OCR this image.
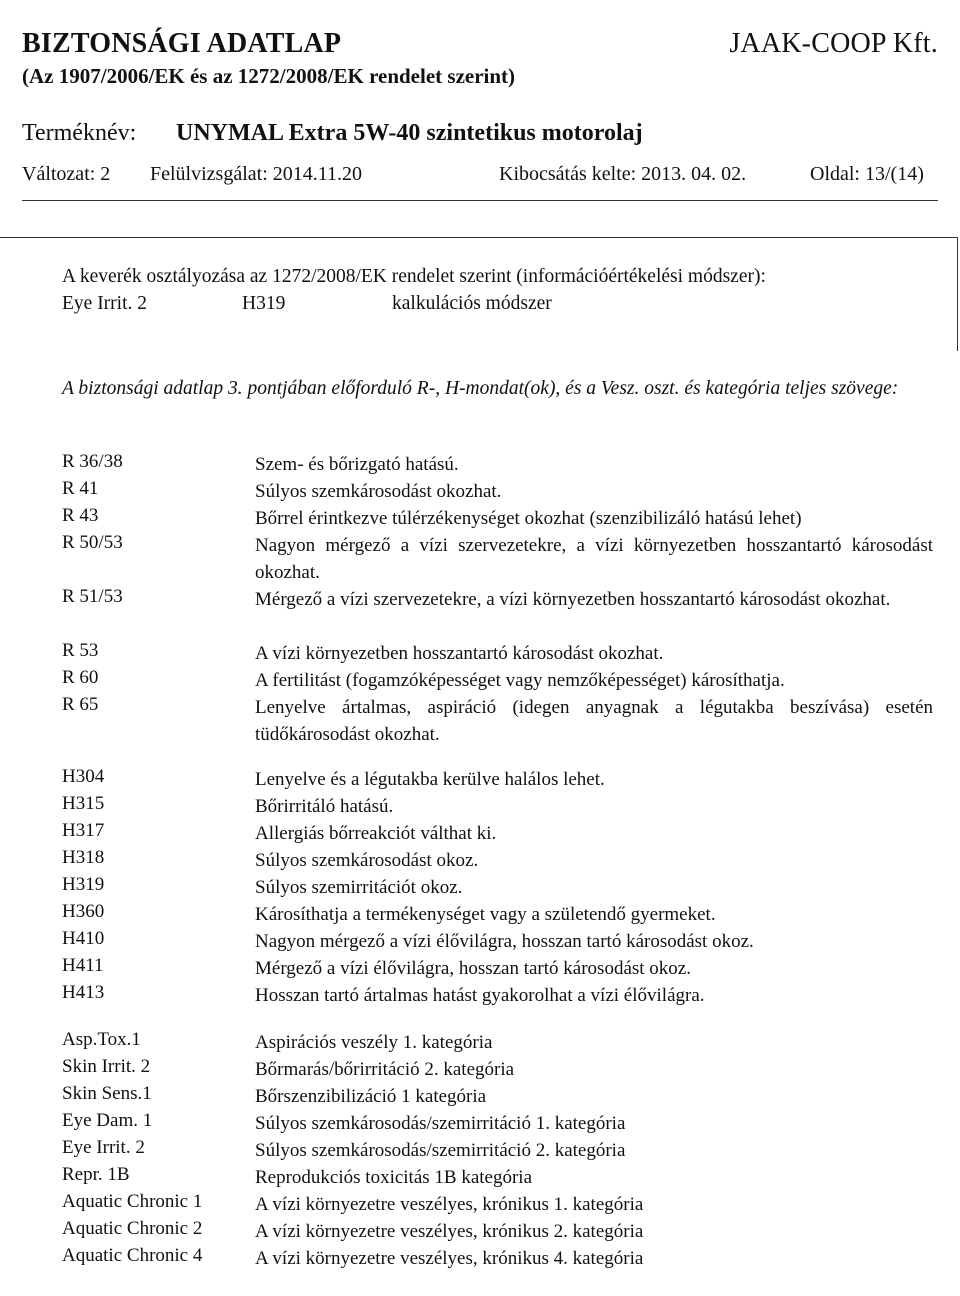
BIZTONSÁGI ADATLAP	JAAK-COOP Kft.
(Az 1907/2006/EK és az 1272/2008/EK rendelet szerint)
Terméknév: UNYMAL Extra 5W-40 szintetikus motorolaj
Változat: 2 Felülvizsgálat: 2014.11.20	Kibocsátás kelte: 2013. 04. 02.	Oldal: 13/(14)
A keverék osztályozása az 1272/2008/EK rendelet szerint (információértékelési módszer):
Eye Irrit. 2	H319	kalkulációs módszer
A biztonsági adatlap 3. pontjában előforduló R-, H-mondat(ok), és a Vesz. oszt. és kategória teljes szövege:
R 36/38	Szem- és bőrizgató hatású.
R 41	Súlyos szemkárosodást okozhat.
R 43	Bőrrel érintkezve túlérzékenységet okozhat (szenzibilizáló hatású lehet)
R 50/53	Nagyon mérgező a vízi szervezetekre, a vízi környezetben hosszantartó károsodást okozhat.
R 51/53	Mérgező a vízi szervezetekre, a vízi környezetben hosszantartó károsodást okozhat.
R 53	A vízi környezetben hosszantartó károsodást okozhat.
R 60	A fertilitást (fogamzóképességet vagy nemzőképességet) károsíthatja.
R 65	Lenyelve ártalmas, aspiráció (idegen anyagnak a légutakba beszívása) esetén tüdőkárosodást okozhat.
H304	Lenyelve és a légutakba kerülve halálos lehet.
H315	Bőrirritáló hatású.
H317	Allergiás bőrreakciót válthat ki.
H318	Súlyos szemkárosodást okoz.
H319	Súlyos szemirritációt okoz.
H360	Károsíthatja a termékenységet vagy a születendő gyermeket.
H410	Nagyon mérgező a vízi élővilágra, hosszan tartó károsodást okoz.
H411	Mérgező a vízi élővilágra, hosszan tartó károsodást okoz.
H413	Hosszan tartó ártalmas hatást gyakorolhat a vízi élővilágra.
Asp.Tox.1	Aspirációs veszély 1. kategória
Skin Irrit. 2	Bőrmarás/bőrirritáció 2. kategória
Skin Sens.1	Bőrszenzibilizáció 1 kategória
Eye Dam. 1	Súlyos szemkárosodás/szemirritáció 1. kategória
Eye Irrit. 2	Súlyos szemkárosodás/szemirritáció 2. kategória
Repr. 1B	Reprodukciós toxicitás 1B kategória
Aquatic Chronic 1	A vízi környezetre veszélyes, krónikus 1. kategória
Aquatic Chronic 2	A vízi környezetre veszélyes, krónikus 2. kategória
Aquatic Chronic 4	A vízi környezetre veszélyes, krónikus 4. kategória
